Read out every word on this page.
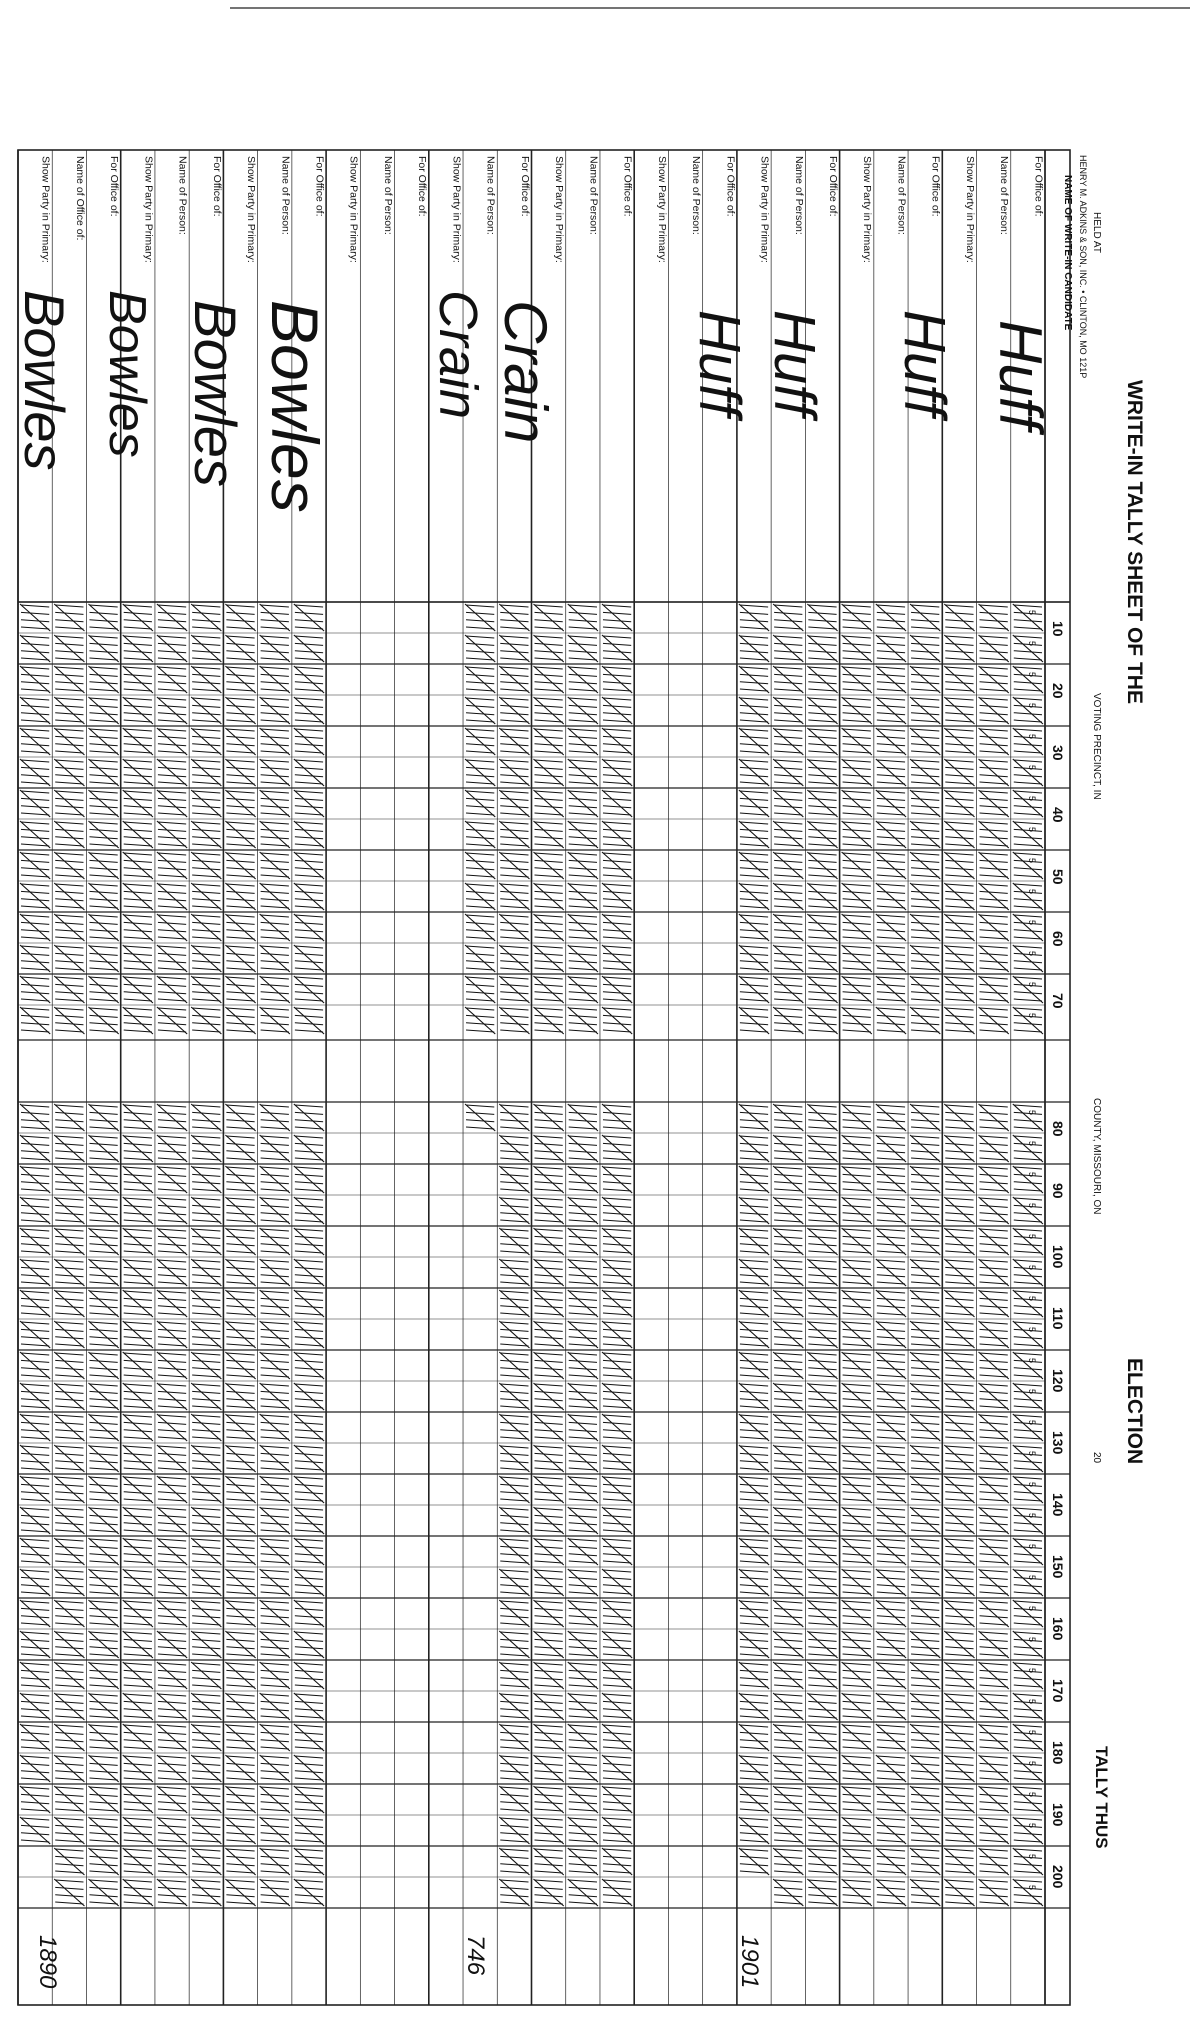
For Office of:
Name of Person:
Show Party in Primary:
For Office of:
Name of Person:
Show Party in Primary:
For Office of:
Name of Person:
Show Party in Primary:
For Office of:
Name of Person:
Show Party in Primary:
For Office of:
Name of Person:
Show Party in Primary:
For Office of:
Name of Person:
Show Party in Primary:
For Office of:
Name of Person:
Show Party in Primary:
For Office of:
Name of Person:
Show Party in Primary:
For Office of:
Name of Person:
Show Party in Primary:
For Office of:
Name of Office of:
Show Party in Primary:
10
5
5
20
5
5
30
5
5
40
5
5
50
5
5
60
5
5
70
5
5
80
5
5
90
5
5
100
5
5
110
5
5
120
5
5
130
5
5
140
5
5
150
5
5
160
5
5
170
5
5
180
5
5
190
5
5
200
5
5
Huff
Huff
Huff
Huff
1901
Crain
Crain
746
Bowles
Bowles
Bowles
Bowles
1890
WRITE-IN TALLY SHEET OF THE
ELECTION
TALLY THUS
HELD AT
VOTING PRECINCT, IN
COUNTY, MISSOURI, ON
20
HENRY M. ADKINS & SON, INC. • CLINTON, MO 121P
NAME OF WRITE-IN CANDIDATE
